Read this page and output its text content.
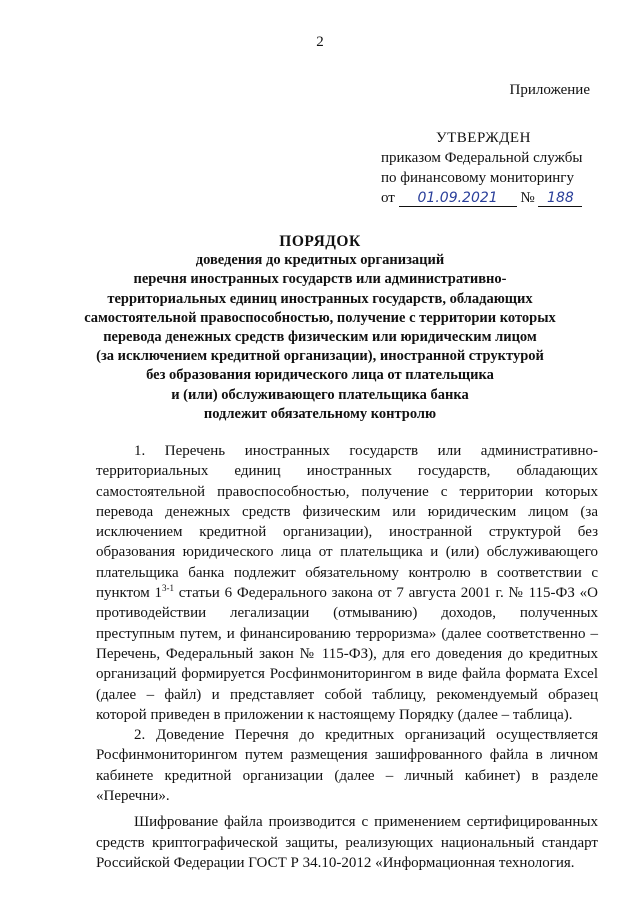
2
Приложение
УТВЕРЖДЕН
приказом Федеральной службы
по финансовому мониторингу
от 01.09.2021 № 188
ПОРЯДОК
доведения до кредитных организаций
перечня иностранных государств или административно-
территориальных единиц иностранных государств, обладающих
самостоятельной правоспособностью, получение с территории которых
перевода денежных средств физическим или юридическим лицом
(за исключением кредитной организации), иностранной структурой
без образования юридического лица от плательщика
и (или) обслуживающего плательщика банка
подлежит обязательному контролю

1. Перечень иностранных государств или административно-территориальных единиц иностранных государств, обладающих самостоятельной правоспособностью, получение с территории которых перевода денежных средств физическим или юридическим лицом (за исключением кредитной организации), иностранной структурой без образования юридического лица от плательщика и (или) обслуживающего плательщика банка подлежит обязательному контролю в соответствии с пунктом 1$^{3-1}$ статьи 6 Федерального закона от 7 августа 2001 г. № 115-ФЗ «О противодействии легализации (отмыванию) доходов, полученных преступным путем, и финансированию терроризма» (далее соответственно – Перечень, Федеральный закон № 115-ФЗ), для его доведения до кредитных организаций формируется Росфинмониторингом в виде файла формата Excel (далее – файл) и представляет собой таблицу, рекомендуемый образец которой приведен в приложении к настоящему Порядку (далее – таблица).

2. Доведение Перечня до кредитных организаций осуществляется Росфинмониторингом путем размещения зашифрованного файла в личном кабинете кредитной организации (далее – личный кабинет) в разделе «Перечни».

Шифрование файла производится с применением сертифицированных средств криптографической защиты, реализующих национальный стандарт Российской Федерации ГОСТ Р 34.10-2012 «Информационная технология.
